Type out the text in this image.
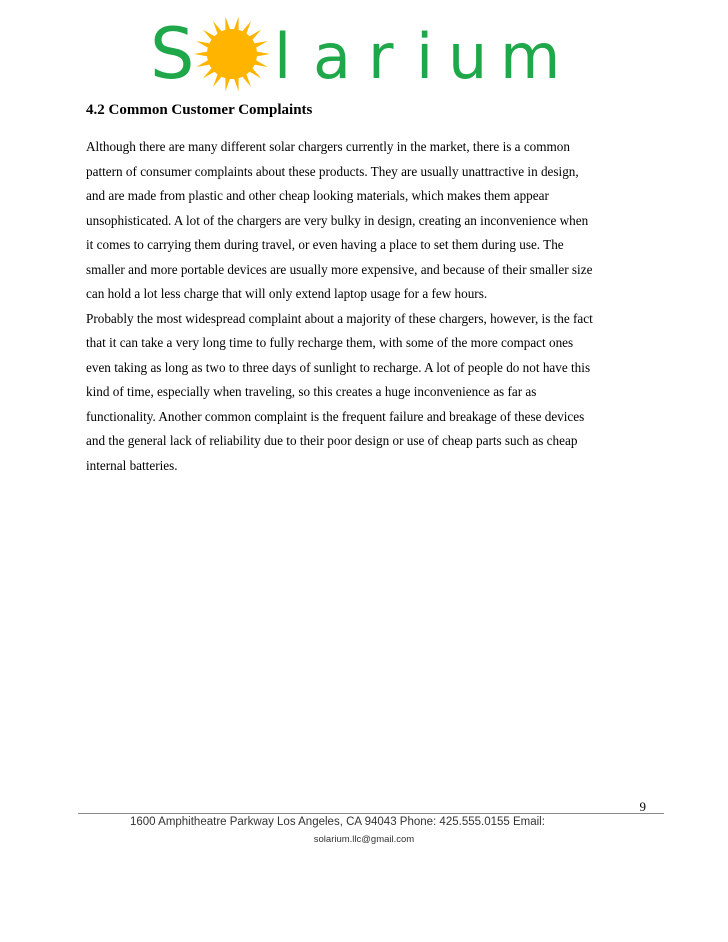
S l a r i u m
4.2 Common Customer Complaints
Although there are many different solar chargers currently in the market, there is a common
pattern of consumer complaints about these products. They are usually unattractive in design,
and are made from plastic and other cheap looking materials, which makes them appear
unsophisticated. A lot of the chargers are very bulky in design, creating an inconvenience when
it comes to carrying them during travel, or even having a place to set them during use. The
smaller and more portable devices are usually more expensive, and because of their smaller size
can hold a lot less charge that will only extend laptop usage for a few hours.
Probably the most widespread complaint about a majority of these chargers, however, is the fact
that it can take a very long time to fully recharge them, with some of the more compact ones
even taking as long as two to three days of sunlight to recharge. A lot of people do not have this
kind of time, especially when traveling, so this creates a huge inconvenience as far as
functionality. Another common complaint is the frequent failure and breakage of these devices
and the general lack of reliability due to their poor design or use of cheap parts such as cheap
internal batteries.
9
1600 Amphitheatre Parkway Los Angeles, CA 94043 Phone: 425.555.0155 Email:
solarium.llc@gmail.com
